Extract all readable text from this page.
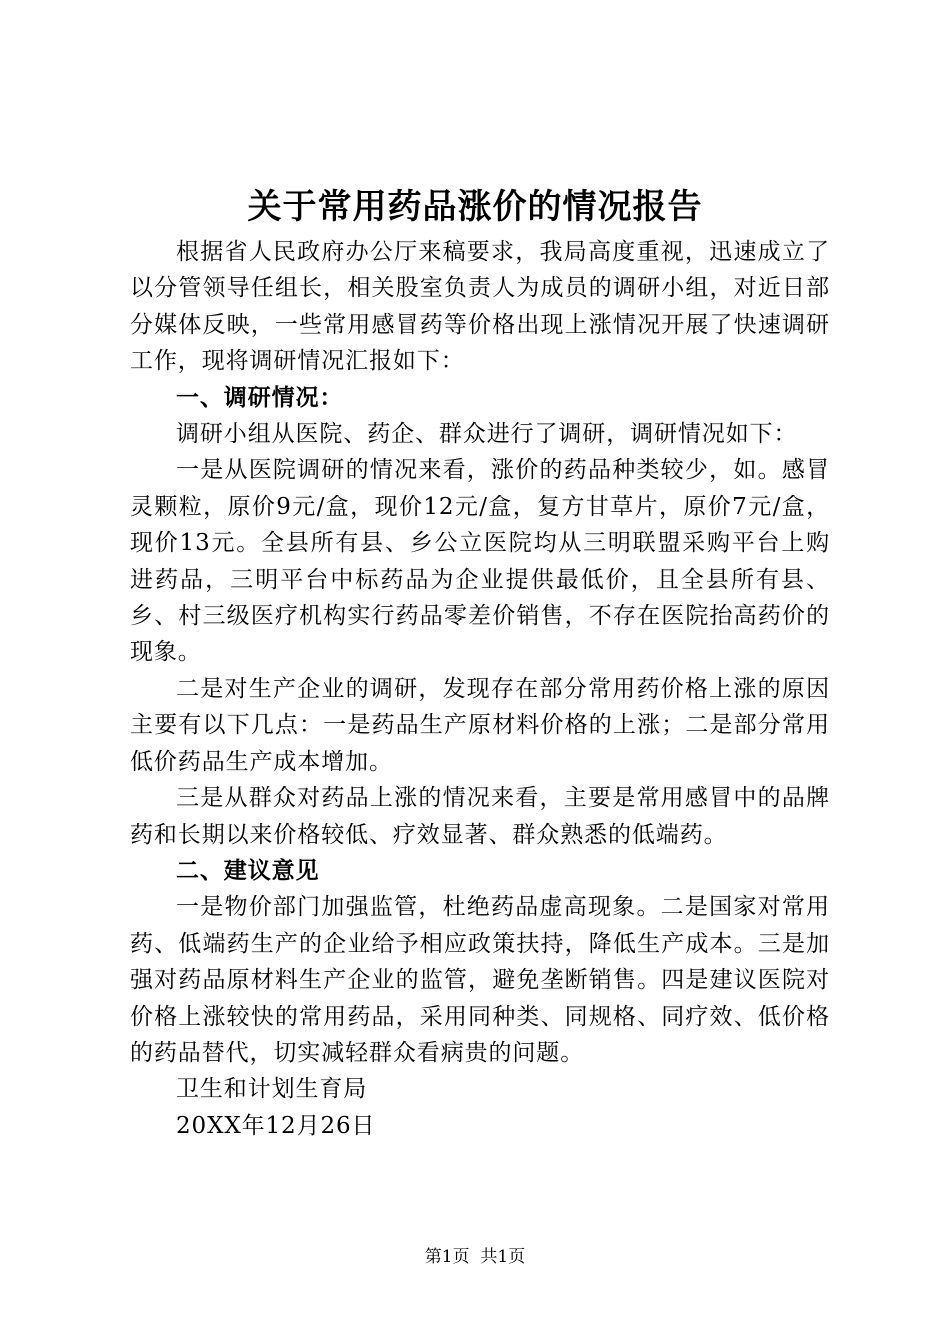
关于常用药品涨价的情况报告

根据省人民政府办公厅来稿要求，我局高度重视，迅速成立了以分管领导任组长，相关股室负责人为成员的调研小组，对近日部分媒体反映，一些常用感冒药等价格出现上涨情况开展了快速调研工作，现将调研情况汇报如下：

一、调研情况：

调研小组从医院、药企、群众进行了调研，调研情况如下：

一是从医院调研的情况来看，涨价的药品种类较少，如。感冒灵颗粒，原价9元/盒，现价12元/盒，复方甘草片，原价7元/盒，现价13元。全县所有县、乡公立医院均从三明联盟采购平台上购进药品，三明平台中标药品为企业提供最低价，且全县所有县、乡、村三级医疗机构实行药品零差价销售，不存在医院抬高药价的现象。

二是对生产企业的调研，发现存在部分常用药价格上涨的原因主要有以下几点：一是药品生产原材料价格的上涨；二是部分常用低价药品生产成本增加。

三是从群众对药品上涨的情况来看，主要是常用感冒中的品牌药和长期以来价格较低、疗效显著、群众熟悉的低端药。

二、建议意见

一是物价部门加强监管，杜绝药品虚高现象。二是国家对常用药、低端药生产的企业给予相应政策扶持，降低生产成本。三是加强对药品原材料生产企业的监管，避免垄断销售。四是建议医院对价格上涨较快的常用药品，采用同种类、同规格、同疗效、低价格的药品替代，切实减轻群众看病贵的问题。

卫生和计划生育局

20XX年12月26日

第1页 共1页
